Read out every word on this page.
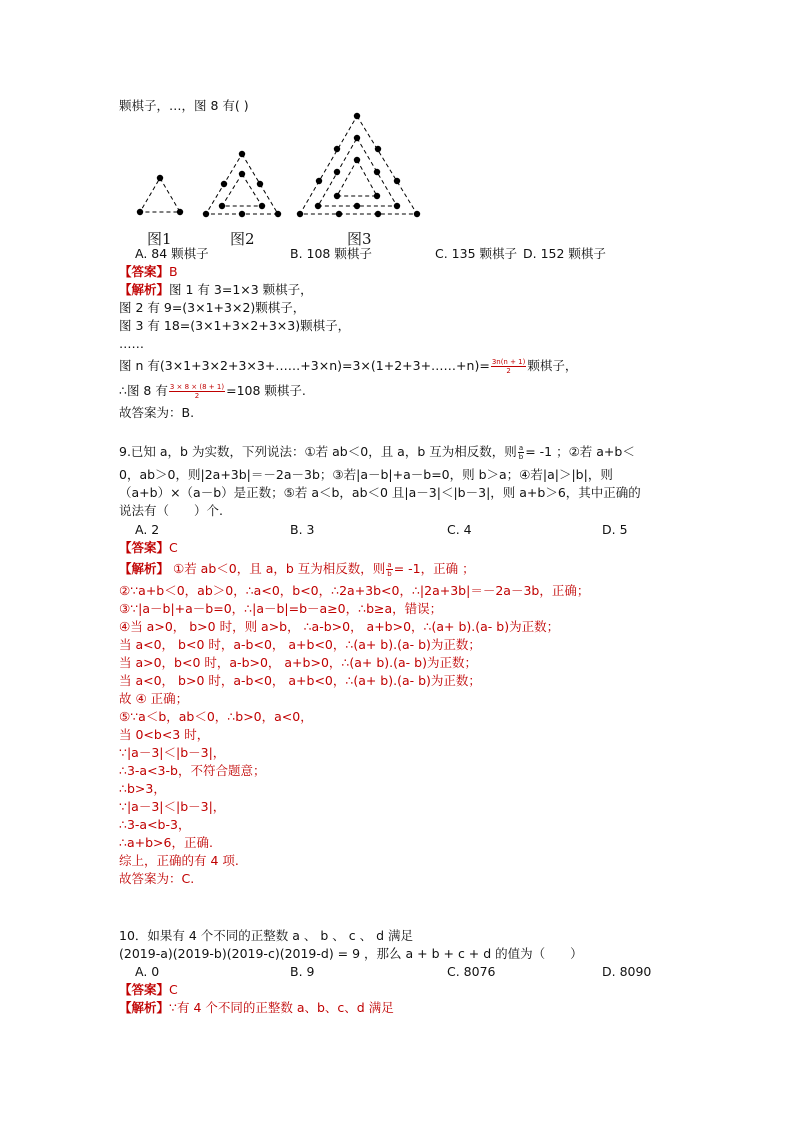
颗棋子，…，图 8 有( )
图1	图2	图3
A. 84 颗棋子	B. 108 颗棋子	C. 135 颗棋子 D. 152 颗棋子
【答案】B
【解析】图 1 有 3=1×3 颗棋子，
图 2 有 9=(3×1+3×2)颗棋子，
图 3 有 18=(3×1+3×2+3×3)颗棋子，
……
图 n 有(3×1+3×2+3×3+……+3×n)=3×(1+2+3+……+n)= $\frac{3n(n + 1)}{2}$ 颗棋子，
∴图 8 有 $\frac{3 \times 8 \times (8 + 1)}{2} =108$ 颗棋子.
故答案为：B.
9.已知 a，b 为实数，下列说法：①若 ab＜0，且 a，b 互为相反数，则 $\frac{a}{b} = -1$ ；②若 a+b＜
0，ab＞0，则|2a+3b|＝－2a－3b；③若|a－b|+a－b=0，则 b＞a；④若|a|＞|b|，则
（a+b）×（a－b）是正数；⑤若 a＜b，ab＜0 且|a－3|＜|b－3|，则 a+b＞6，其中正确的
说法有（　　）个.
A. 2	B. 3	C. 4	D. 5
【答案】C
【解析】 ①若 ab＜0，且 a，b 互为相反数，则 $\frac{a}{b} = -1$，正确 ；
②∵a+b＜0，ab＞0，∴a<0，b<0，∴2a+3b<0，∴|2a+3b|＝－2a－3b，正确；
③∵|a－b|+a－b=0，∴|a－b|=b－a≥0，∴b≥a，错误；
④当 a>0， b>0 时，则 a>b， ∴a-b>0， a+b>0，∴(a+ b).(a- b)为正数；
当 a<0， b<0 时，a-b<0， a+b<0，∴(a+ b).(a- b)为正数；
当 a>0，b<0 时，a-b>0， a+b>0，∴(a+ b).(a- b)为正数；
当 a<0， b>0 时，a-b<0， a+b<0，∴(a+ b).(a- b)为正数；
故 ④ 正确；
⑤∵a＜b，ab＜0，∴b>0，a<0，
当 0<b<3 时，
∵|a－3|＜|b－3|，
∴3-a<3-b，不符合题意；
∴b>3，
∵|a－3|＜|b－3|，
∴3-a<b-3，
∴a+b>6，正确.
综上，正确的有 4 项.
故答案为：C.
10．如果有 4 个不同的正整数 a 、 b 、 c 、 d 满足
(2019-a)(2019-b)(2019-c)(2019-d) = 9 ，那么 a + b + c + d 的值为（　　）
A. 0	B. 9	C. 8076	D. 8090
【答案】C
【解析】∵有 4 个不同的正整数 a、b、c、d 满足
